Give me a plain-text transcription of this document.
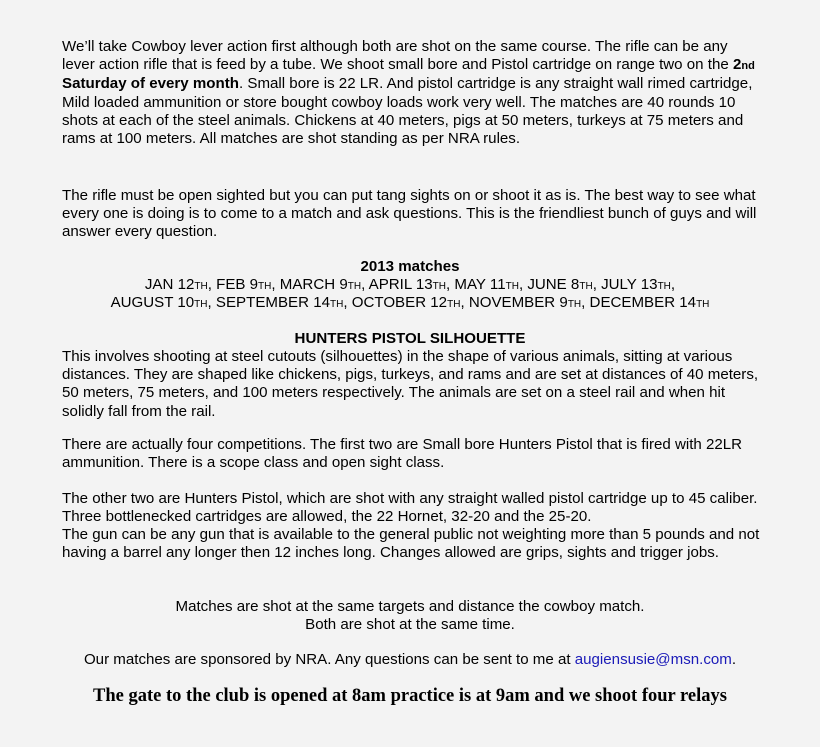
We’ll take Cowboy lever action first although both are shot on the same course. The rifle can be any lever action rifle that is feed by a tube. We shoot small bore and Pistol cartridge on range two on the 2nd Saturday of every month. Small bore is 22 LR. And pistol cartridge is any straight wall rimed cartridge, Mild loaded ammunition or store bought cowboy loads work very well. The matches are 40 rounds 10 shots at each of the steel animals. Chickens at 40 meters, pigs at 50 meters, turkeys at 75 meters and rams at 100 meters. All matches are shot standing as per NRA rules.
The rifle must be open sighted but you can put tang sights on or shoot it as is. The best way to see what every one is doing is to come to a match and ask questions. This is the friendliest bunch of guys and will answer every question.
2013 matches
JAN 12TH, FEB 9TH, MARCH 9TH, APRIL 13TH, MAY 11TH, JUNE 8TH, JULY 13TH,
AUGUST 10TH, SEPTEMBER 14TH, OCTOBER 12TH, NOVEMBER 9TH, DECEMBER 14TH
HUNTERS PISTOL SILHOUETTE
This involves shooting at steel cutouts (silhouettes) in the shape of various animals, sitting at various distances. They are shaped like chickens, pigs, turkeys, and rams and are set at distances of 40 meters, 50 meters, 75 meters, and 100 meters respectively. The animals are set on a steel rail and when hit solidly fall from the rail.
There are actually four competitions. The first two are Small bore Hunters Pistol that is fired with 22LR ammunition. There is a scope class and open sight class.
The other two are Hunters Pistol, which are shot with any straight walled pistol cartridge up to 45 caliber. Three bottlenecked cartridges are allowed, the 22 Hornet, 32-20 and the 25-20.
The gun can be any gun that is available to the general public not weighting more than 5 pounds and not having a barrel any longer then 12 inches long. Changes allowed are grips, sights and trigger jobs.
Matches are shot at the same targets and distance the cowboy match.
Both are shot at the same time.
Our matches are sponsored by NRA. Any questions can be sent to me at augiensusie@msn.com.
The gate to the club is opened at 8am practice is at 9am and we shoot four relays
